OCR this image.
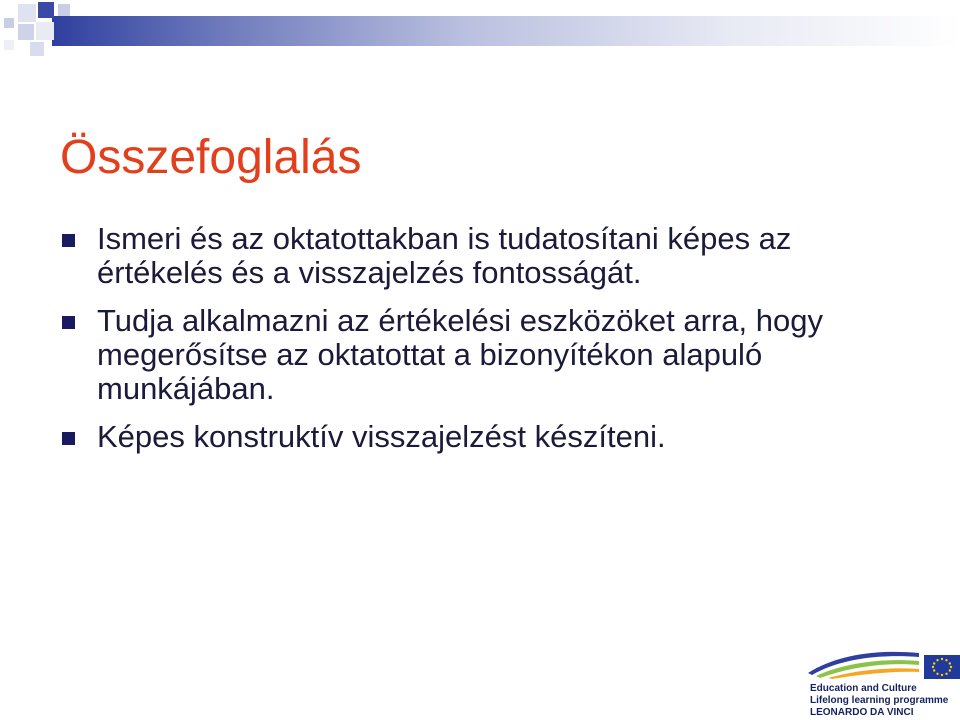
Összefoglalás
Ismeri és az oktatottakban is tudatosítani képes az értékelés és a visszajelzés fontosságát.
Tudja alkalmazni az értékelési eszközöket arra, hogy megerősítse az oktatottat a bizonyítékon alapuló munkájában.
Képes konstruktív visszajelzést készíteni.
Education and Culture
Lifelong learning programme
LEONARDO DA VINCI
